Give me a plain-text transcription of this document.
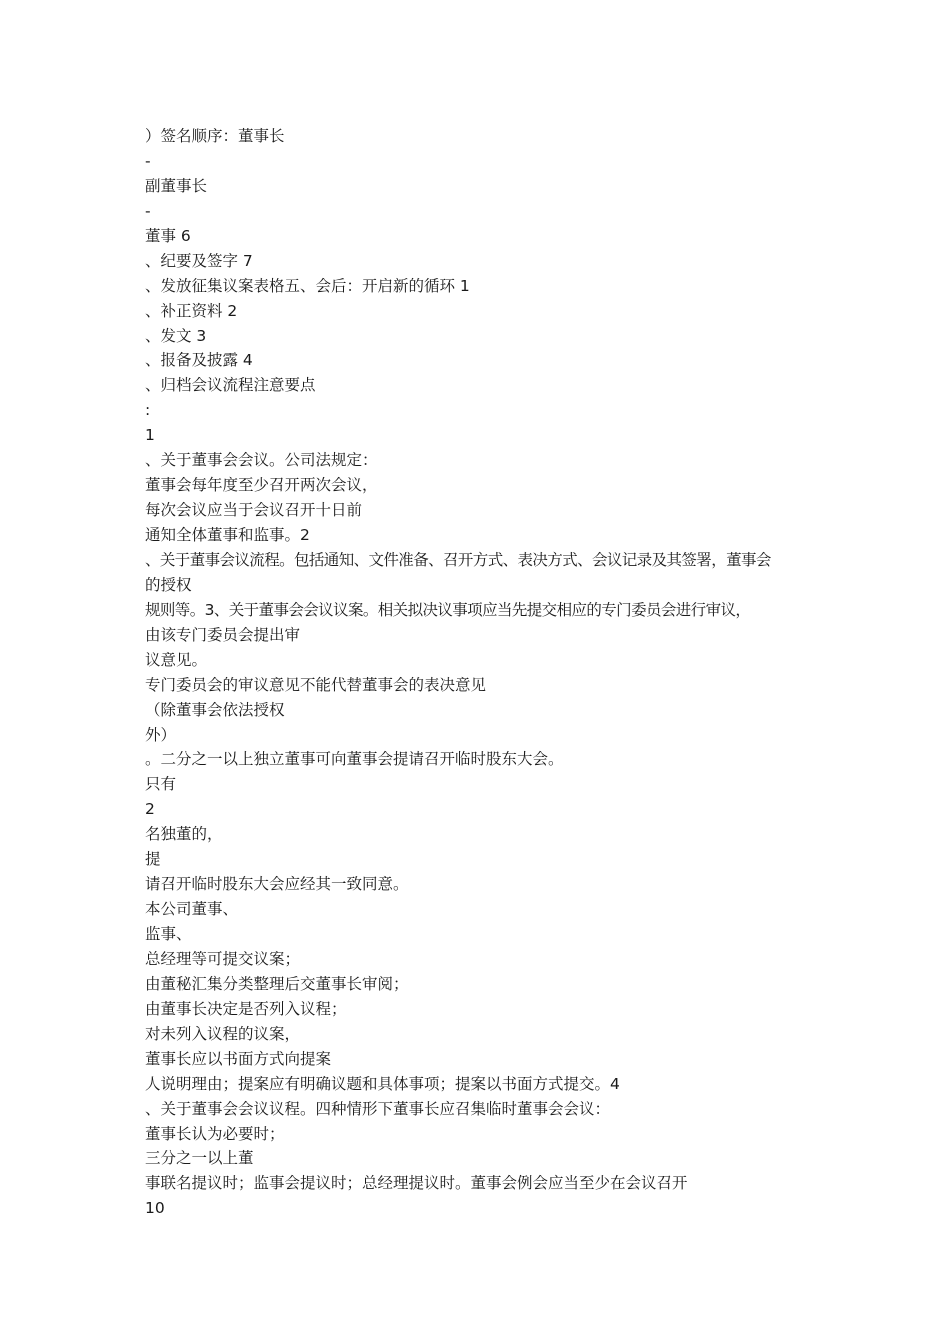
）签名顺序：董事长
-
副董事长
-
董事 6
、纪要及签字 7
、发放征集议案表格五、会后：开启新的循环 1
、补正资料 2
、发文 3
、报备及披露 4
、归档会议流程注意要点
:
1
、关于董事会会议。公司法规定：
董事会每年度至少召开两次会议，
每次会议应当于会议召开十日前
通知全体董事和监事。2
、关于董事会议流程。包括通知、文件准备、召开方式、表决方式、会议记录及其签署，董事会
的授权
规则等。3、关于董事会会议议案。相关拟决议事项应当先提交相应的专门委员会进行审议，
由该专门委员会提出审
议意见。
专门委员会的审议意见不能代替董事会的表决意见
（除董事会依法授权
外）
。二分之一以上独立董事可向董事会提请召开临时股东大会。
只有
2
名独董的，
提
请召开临时股东大会应经其一致同意。
本公司董事、
监事、
总经理等可提交议案；
由董秘汇集分类整理后交董事长审阅；
由董事长决定是否列入议程；
对未列入议程的议案，
董事长应以书面方式向提案
人说明理由；提案应有明确议题和具体事项；提案以书面方式提交。4
、关于董事会会议议程。四种情形下董事长应召集临时董事会会议：
董事长认为必要时；
三分之一以上董
事联名提议时；监事会提议时；总经理提议时。董事会例会应当至少在会议召开
10
